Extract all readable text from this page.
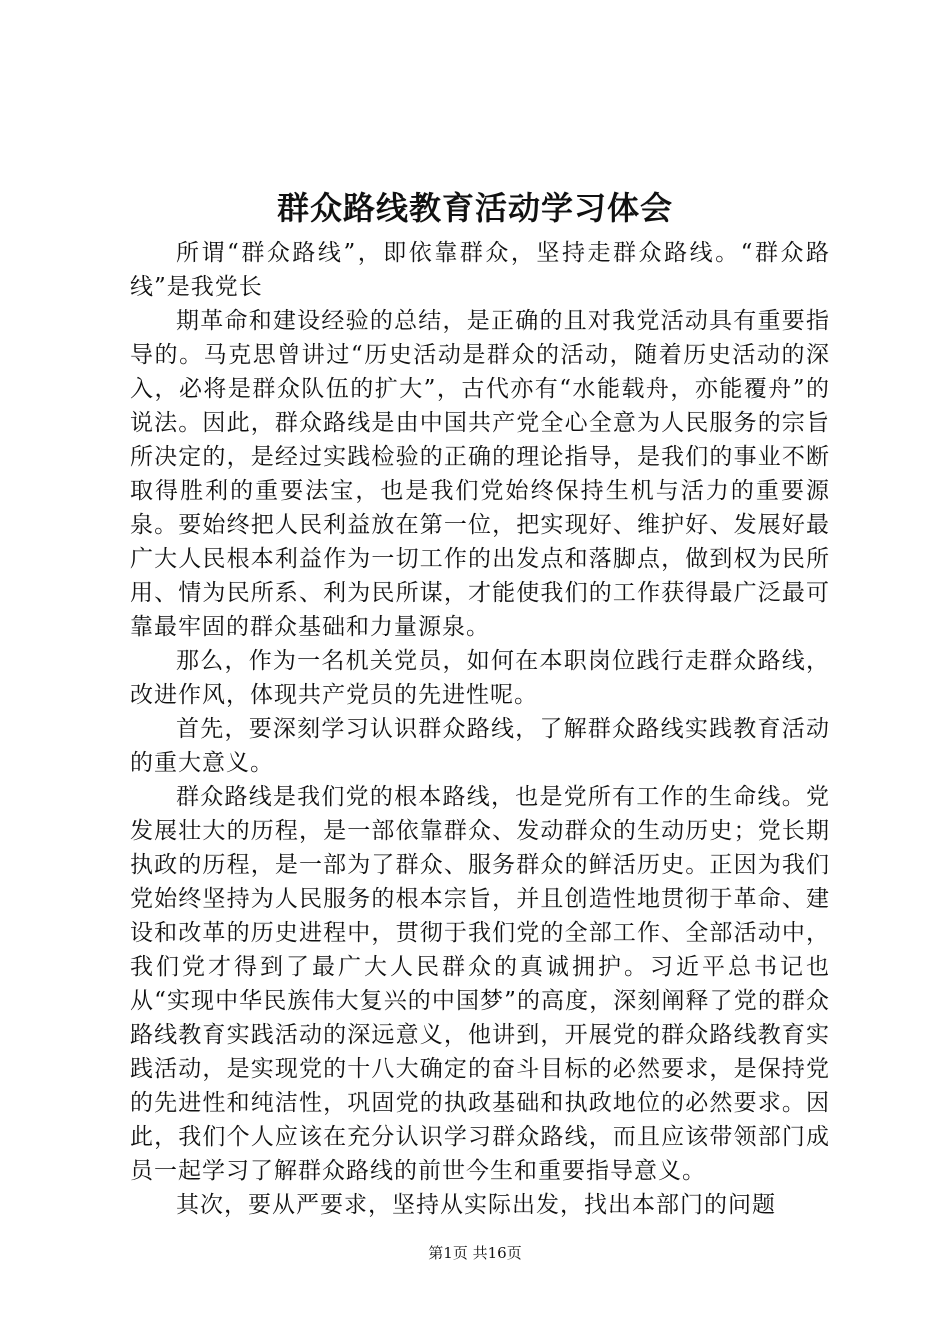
群众路线教育活动学习体会

所谓“群众路线”，即依靠群众，坚持走群众路线。“群众路线”是我党长

期革命和建设经验的总结，是正确的且对我党活动具有重要指导的。马克思曾讲过“历史活动是群众的活动，随着历史活动的深入，必将是群众队伍的扩大”，古代亦有“水能载舟，亦能覆舟”的说法。因此，群众路线是由中国共产党全心全意为人民服务的宗旨所决定的，是经过实践检验的正确的理论指导，是我们的事业不断取得胜利的重要法宝，也是我们党始终保持生机与活力的重要源泉。要始终把人民利益放在第一位，把实现好、维护好、发展好最广大人民根本利益作为一切工作的出发点和落脚点，做到权为民所用、情为民所系、利为民所谋，才能使我们的工作获得最广泛最可靠最牢固的群众基础和力量源泉。

那么，作为一名机关党员，如何在本职岗位践行走群众路线，改进作风，体现共产党员的先进性呢。

首先，要深刻学习认识群众路线，了解群众路线实践教育活动的重大意义。

群众路线是我们党的根本路线，也是党所有工作的生命线。党发展壮大的历程，是一部依靠群众、发动群众的生动历史；党长期执政的历程，是一部为了群众、服务群众的鲜活历史。正因为我们党始终坚持为人民服务的根本宗旨，并且创造性地贯彻于革命、建设和改革的历史进程中，贯彻于我们党的全部工作、全部活动中，我们党才得到了最广大人民群众的真诚拥护。习近平总书记也从“实现中华民族伟大复兴的中国梦”的高度，深刻阐释了党的群众路线教育实践活动的深远意义，他讲到，开展党的群众路线教育实践活动，是实现党的十八大确定的奋斗目标的必然要求，是保持党的先进性和纯洁性，巩固党的执政基础和执政地位的必然要求。因此，我们个人应该在充分认识学习群众路线，而且应该带领部门成员一起学习了解群众路线的前世今生和重要指导意义。

其次，要从严要求，坚持从实际出发，找出本部门的问题

第1页 共16页
